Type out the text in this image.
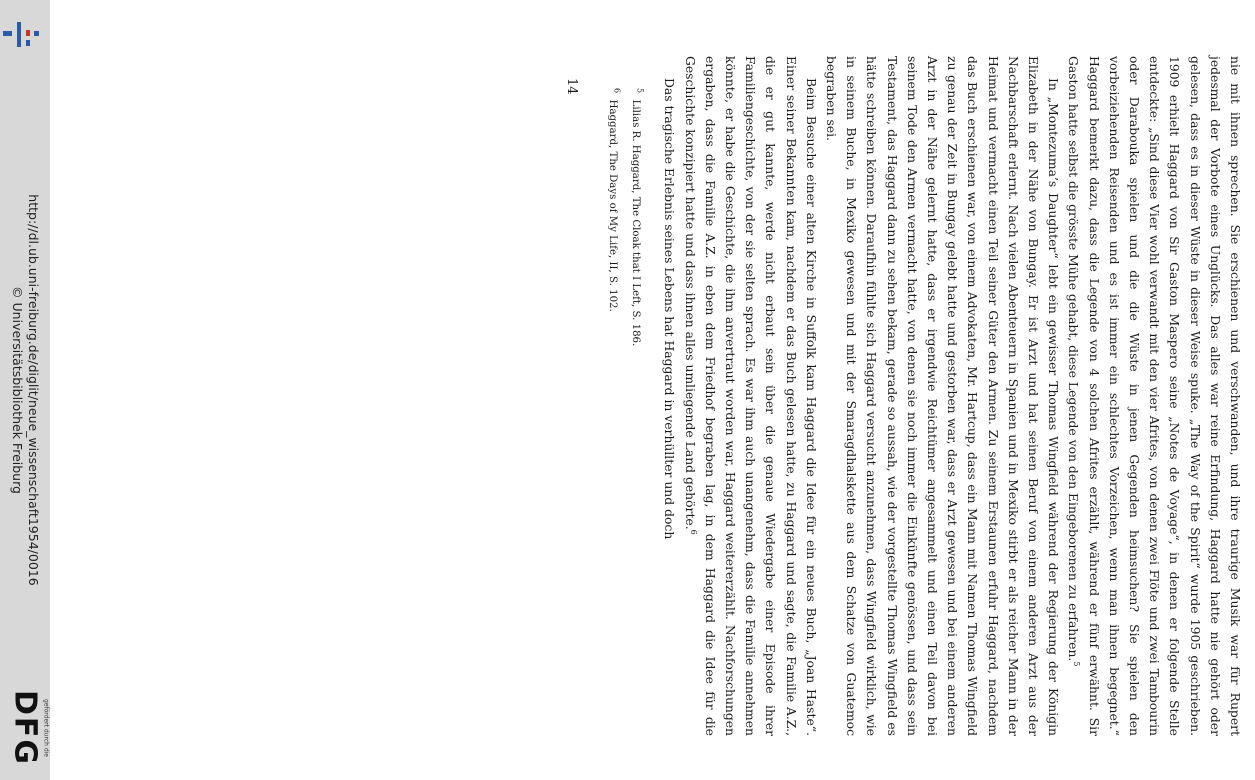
http://dl.ub.uni-freiburg.de/diglit/neue_wissenschaft1954/0016
© Universitätsbibliothek Freiburg
DFG gefördert durch die	nie mit ihnen sprechen. Sie erschienen und verschwanden, und ihre traurige Musik war für Rupert jedesmal der Vorbote eines Unglücks. Das alles war reine Erfindung, Haggard hatte nie gehört oder gelesen, dass es in dieser Wüste in dieser Weise spuke. „The Way of the Spirit“ wurde 1905 geschrieben. 1909 erhielt Haggard von Sir Gaston Maspero seine „Notes de Voyage“, in denen er folgende Stelle entdeckte: „Sind diese Vier wohl verwandt mit den vier Afrites, von denen zwei Flöte und zwei Tambourin oder Darabouka spielen und die die Wüste in jenen Gegenden heimsuchen? Sie spielen den vorbeiziehenden Reisenden und es ist immer ein schlechtes Vorzeichen, wenn man ihnen begegnet.“ Haggard bemerkt dazu, dass die Legende von 4 solchen Afrites erzählt, während er fünf erwähnt. Sir Gaston hatte selbst die grösste Mühe gehabt, diese Legende von den Eingeborenen zu erfahren.$^5$

In „Montezuma’s Daughter“ lebt ein gewisser Thomas Wingfield während der Regierung der Königin Elizabeth in der Nähe von Bungay. Er ist Arzt und hat seinen Beruf von einem anderen Arzt aus der Nachbarschaft erlernt. Nach vielen Abenteuern in Spanien und in Mexiko stirbt er als reicher Mann in der Heimat und vermacht einen Teil seiner Güter den Armen. Zu seinem Erstaunen erfuhr Haggard, nachdem das Buch erschienen war, von einem Advokaten, Mr. Hartcup, dass ein Mann mit Namen Thomas Wingfield zu genau der Zeit in Bungay gelebt hatte und gestorben war, dass er Arzt gewesen und bei einem anderen Arzt in der Nähe gelernt hatte, dass er irgendwie Reichtümer angesammelt und einen Teil davon bei seinem Tode den Armen vermacht hatte, von denen sie noch immer die Einkünfte genössen, und dass sein Testament, das Haggard dann zu sehen bekam, gerade so aussah, wie der vorgestellte Thomas Wingfield es hätte schreiben können. Daraufhin fühlte sich Haggard versucht anzunehmen, dass Wingfield wirklich, wie in seinem Buche, in Mexiko gewesen und mit der Smaragdhalskette aus dem Schatze von Guatemoc begraben sei.

Beim Besuche einer alten Kirche in Suffolk kam Haggard die Idee für ein neues Buch, „Joan Haste“. Einer seiner Bekannten kam, nachdem er das Buch gelesen hatte, zu Haggard und sagte, die Familie A.Z., die er gut kannte, werde nicht erbaut sein über die genaue Wiedergabe einer Episode ihrer Familiengeschichte, von der sie selten sprach. Es war ihm auch unangenehm, dass die Familie annehmen könnte, er habe die Geschichte, die ihm anvertraut worden war, Haggard weitererzählt. Nachforschungen ergaben, dass die Familie A.Z. in eben dem Friedhof begraben lag, in dem Haggard die Idee für die Geschichte konzipiert hatte und dass ihnen alles umliegende Land gehörte.$^6$

Das tragische Erlebnis seines Lebens hat Haggard in verhüllter und doch

$^5$  Lilias R. Haggard, The Cloak that I Left, S. 186.

$^6$  Haggard, The Days of My Life, II, S. 102.

14
